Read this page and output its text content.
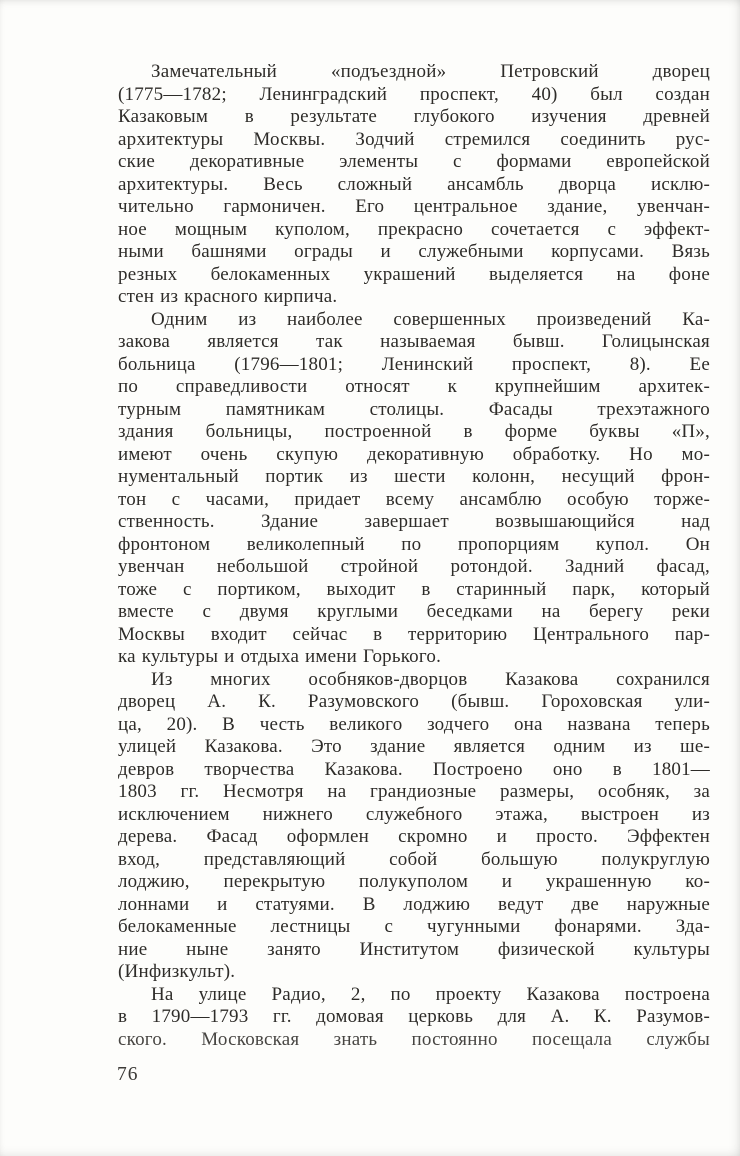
Замечательный «подъездной» Петровский дворец
(1775—1782; Ленинградский проспект, 40) был создан
Казаковым в результате глубокого изучения древней
архитектуры Москвы. Зодчий стремился соединить рус-
ские декоративные элементы с формами европейской
архитектуры. Весь сложный ансамбль дворца исклю-
чительно гармоничен. Его центральное здание, увенчан-
ное мощным куполом, прекрасно сочетается с эффект-
ными башнями ограды и служебными корпусами. Вязь
резных белокаменных украшений выделяется на фоне
стен из красного кирпича.
Одним из наиболее совершенных произведений Ка-
закова является так называемая бывш. Голицынская
больница (1796—1801; Ленинский проспект, 8). Ее
по справедливости относят к крупнейшим архитек-
турным памятникам столицы. Фасады трехэтажного
здания больницы, построенной в форме буквы «П»,
имеют очень скупую декоративную обработку. Но мо-
нументальный портик из шести колонн, несущий фрон-
тон с часами, придает всему ансамблю особую торже-
ственность. Здание завершает возвышающийся над
фронтоном великолепный по пропорциям купол. Он
увенчан небольшой стройной ротондой. Задний фасад,
тоже с портиком, выходит в старинный парк, который
вместе с двумя круглыми беседками на берегу реки
Москвы входит сейчас в территорию Центрального пар-
ка культуры и отдыха имени Горького.
Из многих особняков-дворцов Казакова сохранился
дворец А. К. Разумовского (бывш. Гороховская ули-
ца, 20). В честь великого зодчего она названа теперь
улицей Казакова. Это здание является одним из ше-
девров творчества Казакова. Построено оно в 1801—
1803 гг. Несмотря на грандиозные размеры, особняк, за
исключением нижнего служебного этажа, выстроен из
дерева. Фасад оформлен скромно и просто. Эффектен
вход, представляющий собой большую полукруглую
лоджию, перекрытую полукуполом и украшенную ко-
лоннами и статуями. В лоджию ведут две наружные
белокаменные лестницы с чугунными фонарями. Зда-
ние ныне занято Институтом физической культуры
(Инфизкульт).
На улице Радио, 2, по проекту Казакова построена
в 1790—1793 гг. домовая церковь для А. К. Разумов-
ского. Московская знать постоянно посещала службы
76
